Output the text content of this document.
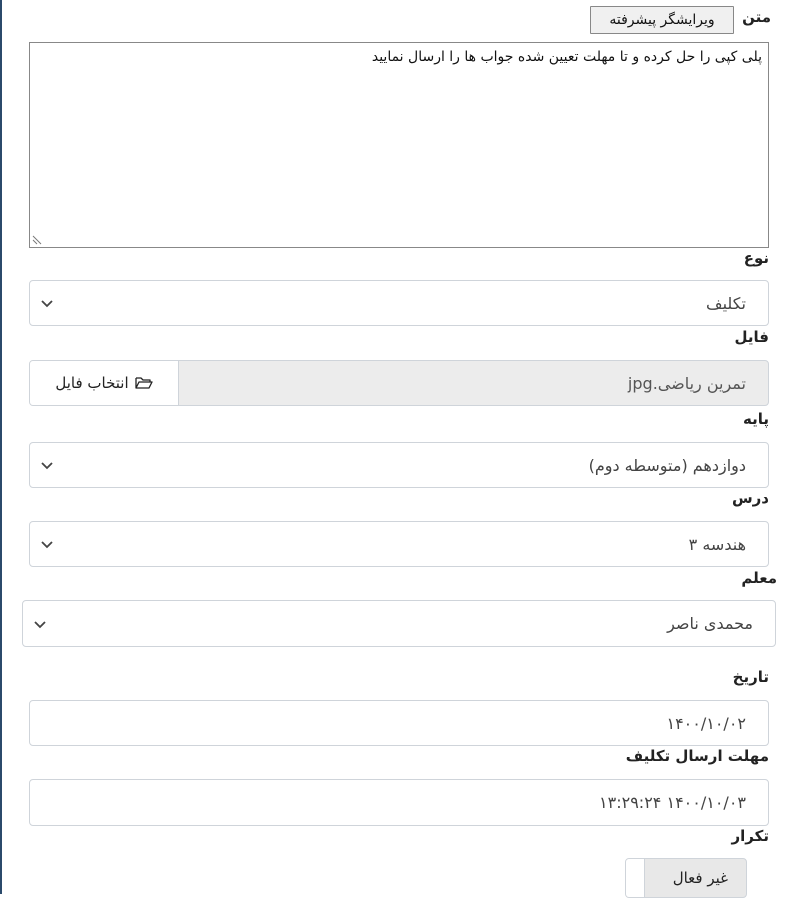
متن
ویرایشگر پیشرفته
پلی کپی را حل کرده و تا مهلت تعیین شده جواب ها را ارسال نمایید
نوع
تکلیف
فایل
تمرین ریاضی.jpg
انتخاب فایل
پایه
دوازدهم (متوسطه دوم)
درس
هندسه ۳
معلم
محمدی ناصر
تاریخ
۱۴۰۰/۱۰/۰۲
مهلت ارسال تکلیف
۱۴۰۰/۱۰/۰۳ ۱۳:۲۹:۲۴
تکرار
غیر فعال
